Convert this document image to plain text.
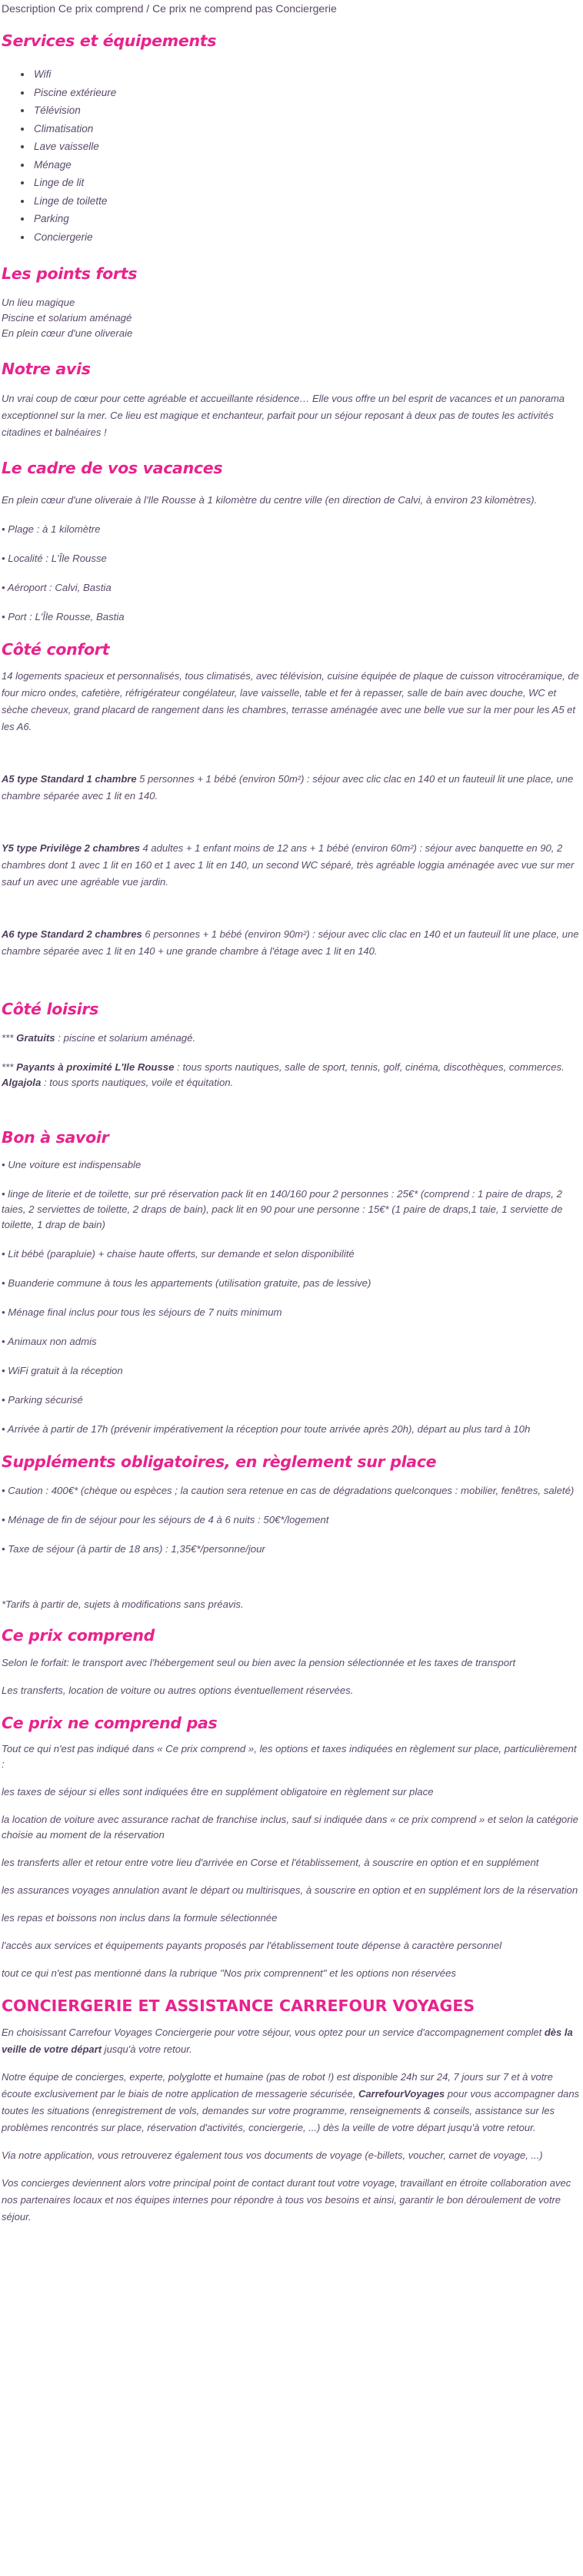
Description Ce prix comprend / Ce prix ne comprend pas Conciergerie

Services et équipements
• Wifi
• Piscine extérieure
• Télévision
• Climatisation
• Lave vaisselle
• Ménage
• Linge de lit
• Linge de toilette
• Parking
• Conciergerie
Les points forts

Un lieu magique

Piscine et solarium aménagé

En plein cœur d'une oliveraie

Notre avis

Un vrai coup de cœur pour cette agréable et accueillante résidence… Elle vous offre un bel esprit de vacances et un panorama exceptionnel sur la mer. Ce lieu est magique et enchanteur, parfait pour un séjour reposant à deux pas de toutes les activités citadines et balnéaires !

Le cadre de vos vacances

En plein cœur d'une oliveraie à l'Ile Rousse à 1 kilomètre du centre ville (en direction de Calvi, à environ 23 kilomètres).

• Plage : à 1 kilomètre

• Localité : L'Île Rousse

• Aéroport : Calvi, Bastia

• Port : L'Île Rousse, Bastia

Côté confort

14 logements spacieux et personnalisés, tous climatisés, avec télévision, cuisine équipée de plaque de cuisson vitrocéramique, de four micro ondes, cafetière, réfrigérateur congélateur, lave vaisselle, table et fer à repasser, salle de bain avec douche, WC et sèche cheveux, grand placard de rangement dans les chambres, terrasse aménagée avec une belle vue sur la mer pour les A5 et les A6.

A5 type Standard 1 chambre 5 personnes + 1 bébé (environ 50m²) : séjour avec clic clac en 140 et un fauteuil lit une place, une chambre séparée avec 1 lit en 140.

Y5 type Privilège 2 chambres 4 adultes + 1 enfant moins de 12 ans + 1 bébé (environ 60m²) : séjour avec banquette en 90, 2 chambres dont 1 avec 1 lit en 160 et 1 avec 1 lit en 140, un second WC séparé, très agréable loggia aménagée avec vue sur mer sauf un avec une agréable vue jardin.

A6 type Standard 2 chambres 6 personnes + 1 bébé (environ 90m²) : séjour avec clic clac en 140 et un fauteuil lit une place, une chambre séparée avec 1 lit en 140 + une grande chambre à l'étage avec 1 lit en 140.

Côté loisirs

*** Gratuits : piscine et solarium aménagé.

*** Payants à proximité L'Ile Rousse : tous sports nautiques, salle de sport, tennis, golf, cinéma, discothèques, commerces. Algajola : tous sports nautiques, voile et équitation.

Bon à savoir

• Une voiture est indispensable

• linge de literie et de toilette, sur pré réservation pack lit en 140/160 pour 2 personnes : 25€* (comprend : 1 paire de draps, 2 taies, 2 serviettes de toilette, 2 draps de bain), pack lit en 90 pour une personne : 15€* (1 paire de draps,1 taie, 1 serviette de toilette, 1 drap de bain)

• Lit bébé (parapluie) + chaise haute offerts, sur demande et selon disponibilité

• Buanderie commune à tous les appartements (utilisation gratuite, pas de lessive)

• Ménage final inclus pour tous les séjours de 7 nuits minimum

• Animaux non admis

• WiFi gratuit à la réception

• Parking sécurisé

• Arrivée à partir de 17h (prévenir impérativement la réception pour toute arrivée après 20h), départ au plus tard à 10h

Suppléments obligatoires, en règlement sur place

• Caution : 400€* (chèque ou espèces ; la caution sera retenue en cas de dégradations quelconques : mobilier, fenêtres, saleté)

• Ménage de fin de séjour pour les séjours de 4 à 6 nuits : 50€*/logement

• Taxe de séjour (à partir de 18 ans) : 1,35€*/personne/jour

*Tarifs à partir de, sujets à modifications sans préavis.

Ce prix comprend

Selon le forfait: le transport avec l'hébergement seul ou bien avec la pension sélectionnée et les taxes de transport

Les transferts, location de voiture ou autres options éventuellement réservées.

Ce prix ne comprend pas

Tout ce qui n'est pas indiqué dans « Ce prix comprend », les options et taxes indiquées en règlement sur place, particulièrement :

les taxes de séjour si elles sont indiquées être en supplément obligatoire en règlement sur place

la location de voiture avec assurance rachat de franchise inclus, sauf si indiquée dans « ce prix comprend » et selon la catégorie choisie au moment de la réservation

les transferts aller et retour entre votre lieu d'arrivée en Corse et l'établissement, à souscrire en option et en supplément

les assurances voyages annulation avant le départ ou multirisques, à souscrire en option et en supplément lors de la réservation

les repas et boissons non inclus dans la formule sélectionnée

l'accès aux services et équipements payants proposés par l'établissement toute dépense à caractère personnel

tout ce qui n'est pas mentionné dans la rubrique "Nos prix comprennent" et les options non réservées

CONCIERGERIE ET ASSISTANCE CARREFOUR VOYAGES

En choisissant Carrefour Voyages Conciergerie pour votre séjour, vous optez pour un service d'accompagnement complet dès la veille de votre départ jusqu'à votre retour.

Notre équipe de concierges, experte, polyglotte et humaine (pas de robot !) est disponible 24h sur 24, 7 jours sur 7 et à votre écoute exclusivement par le biais de notre application de messagerie sécurisée, CarrefourVoyages pour vous accompagner dans toutes les situations (enregistrement de vols, demandes sur votre programme, renseignements & conseils, assistance sur les problèmes rencontrés sur place, réservation d'activités, conciergerie, ...) dès la veille de votre départ jusqu'à votre retour.

Via notre application, vous retrouverez également tous vos documents de voyage (e-billets, voucher, carnet de voyage, ...)

Vos concierges deviennent alors votre principal point de contact durant tout votre voyage, travaillant en étroite collaboration avec nos partenaires locaux et nos équipes internes pour répondre à tous vos besoins et ainsi, garantir le bon déroulement de votre séjour.
